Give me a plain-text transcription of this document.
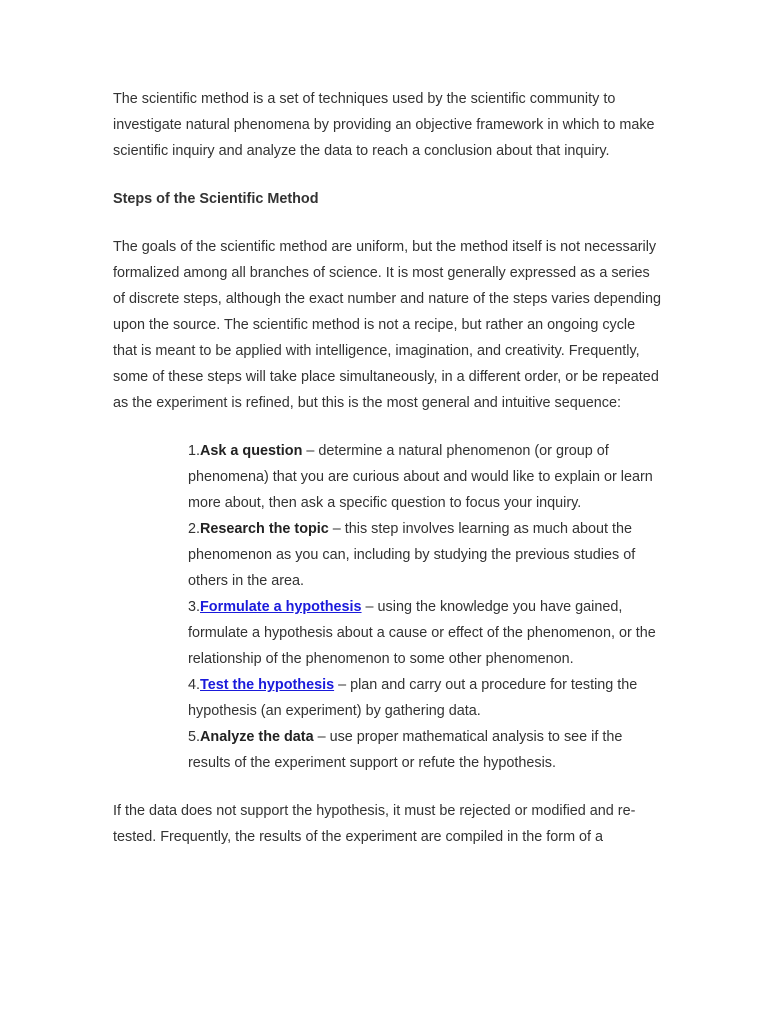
The scientific method is a set of techniques used by the scientific community to investigate natural phenomena by providing an objective framework in which to make scientific inquiry and analyze the data to reach a conclusion about that inquiry.

Steps of the Scientific Method

The goals of the scientific method are uniform, but the method itself is not necessarily formalized among all branches of science. It is most generally expressed as a series of discrete steps, although the exact number and nature of the steps varies depending upon the source. The scientific method is not a recipe, but rather an ongoing cycle that is meant to be applied with intelligence, imagination, and creativity. Frequently, some of these steps will take place simultaneously, in a different order, or be repeated as the experiment is refined, but this is the most general and intuitive sequence:

1.Ask a question – determine a natural phenomenon (or group of phenomena) that you are curious about and would like to explain or learn more about, then ask a specific question to focus your inquiry.
2.Research the topic – this step involves learning as much about the phenomenon as you can, including by studying the previous studies of others in the area.
3.Formulate a hypothesis – using the knowledge you have gained, formulate a hypothesis about a cause or effect of the phenomenon, or the relationship of the phenomenon to some other phenomenon.
4.Test the hypothesis – plan and carry out a procedure for testing the hypothesis (an experiment) by gathering data.
5.Analyze the data – use proper mathematical analysis to see if the results of the experiment support or refute the hypothesis.

If the data does not support the hypothesis, it must be rejected or modified and re-tested. Frequently, the results of the experiment are compiled in the form of a
